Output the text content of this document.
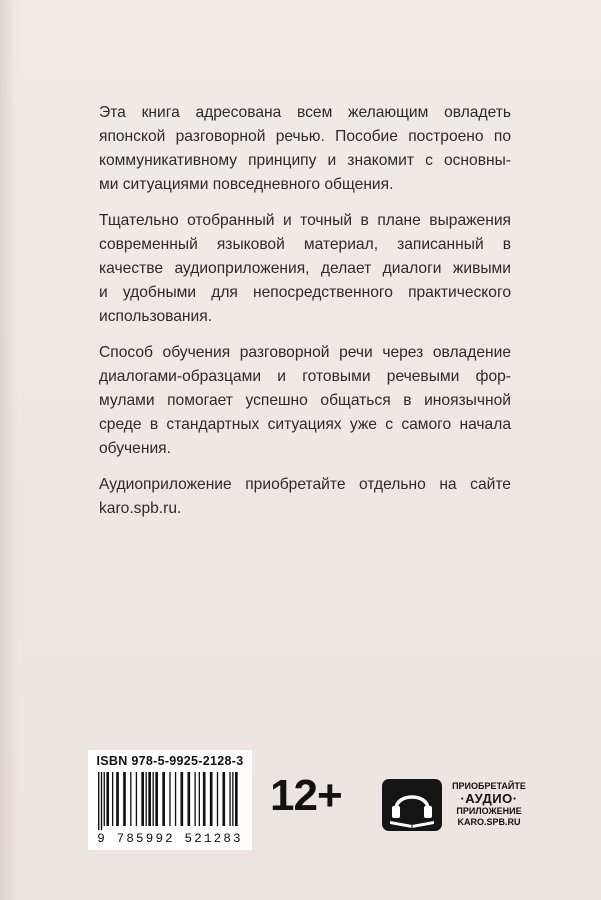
Эта книга адресована всем желающим овладеть
японской разговорной речью. Пособие построено по
коммуникативному принципу и знакомит с основны-
ми ситуациями повседневного общения.

Тщательно отобранный и точный в плане выражения
современный языковой материал, записанный в
качестве аудиоприложения, делает диалоги живыми
и удобными для непосредственного практического
использования.

Способ обучения разговорной речи через овладение
диалогами-образцами и готовыми речевыми фор-
мулами помогает успешно общаться в иноязычной
среде в стандартных ситуациях уже с самого начала
обучения.

Аудиоприложение приобретайте отдельно на сайте
karo.spb.ru.

ISBN 978-5-9925-2128-3
9 785992 521283
12+	ПРИОБРЕТАЙТЕ
·АУДИО·
ПРИЛОЖЕНИЕ
KARO.SPB.RU
